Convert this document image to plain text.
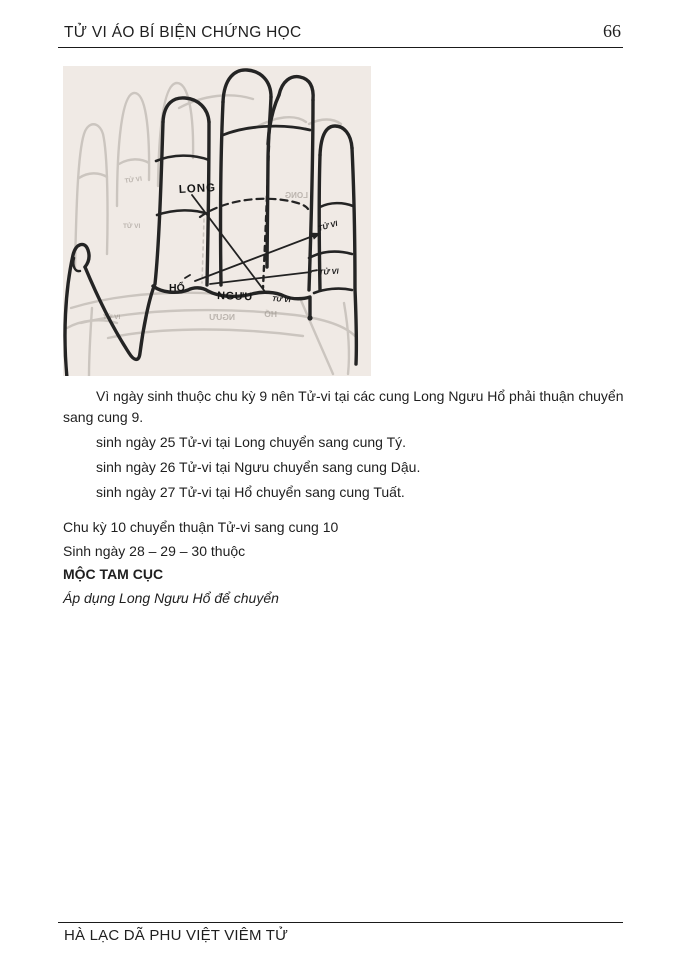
TỬ VI ÁO BÍ BIỆN CHỨNG HỌC	66
LONG
NGƯU	HỔ
TỬ VI
TỬ VI
TỬ VI
LONG
HỔ
NGƯU	TỬ VI
TỬ VI
TỬ VI

Vì ngày sinh thuộc chu kỳ 9 nên Tử-vi tại các cung Long Ngưu Hổ phải thuận chuyển sang cung 9.

sinh ngày 25 Tử-vi tại Long chuyển sang cung Tý.

sinh ngày 26 Tử-vi tại Ngưu chuyển sang cung Dậu.

sinh ngày 27 Tử-vi tại Hổ chuyển sang cung Tuất.

Chu kỳ 10 chuyển thuận Tử-vi sang cung 10

Sinh ngày 28 – 29 – 30 thuộc

MỘC TAM CỤC

Áp dụng Long Ngưu Hổ để chuyển

HÀ LẠC DÃ PHU VIỆT VIÊM TỬ
